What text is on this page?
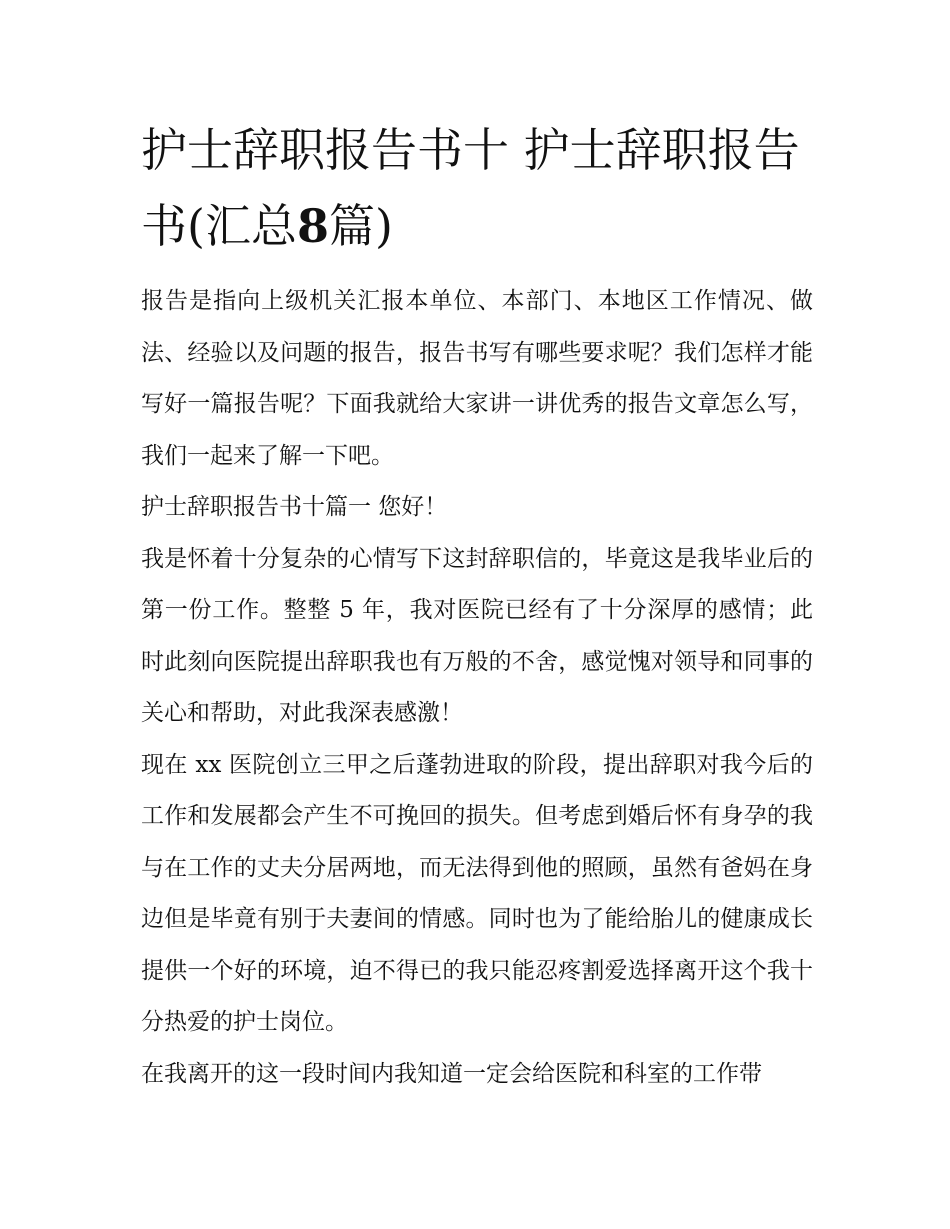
护士辞职报告书十 护士辞职报告书(汇总8篇)

报告是指向上级机关汇报本单位、本部门、本地区工作情况、做法、经验以及问题的报告，报告书写有哪些要求呢？我们怎样才能写好一篇报告呢？下面我就给大家讲一讲优秀的报告文章怎么写，我们一起来了解一下吧。

护士辞职报告书十篇一 您好！

我是怀着十分复杂的心情写下这封辞职信的，毕竟这是我毕业后的第一份工作。整整 5 年，我对医院已经有了十分深厚的感情；此时此刻向医院提出辞职我也有万般的不舍，感觉愧对领导和同事的关心和帮助，对此我深表感激！

现在 xx 医院创立三甲之后蓬勃进取的阶段，提出辞职对我今后的工作和发展都会产生不可挽回的损失。但考虑到婚后怀有身孕的我与在工作的丈夫分居两地，而无法得到他的照顾，虽然有爸妈在身边但是毕竟有别于夫妻间的情感。同时也为了能给胎儿的健康成长提供一个好的环境，迫不得已的我只能忍疼割爱选择离开这个我十分热爱的护士岗位。

在我离开的这一段时间内我知道一定会给医院和科室的工作带
